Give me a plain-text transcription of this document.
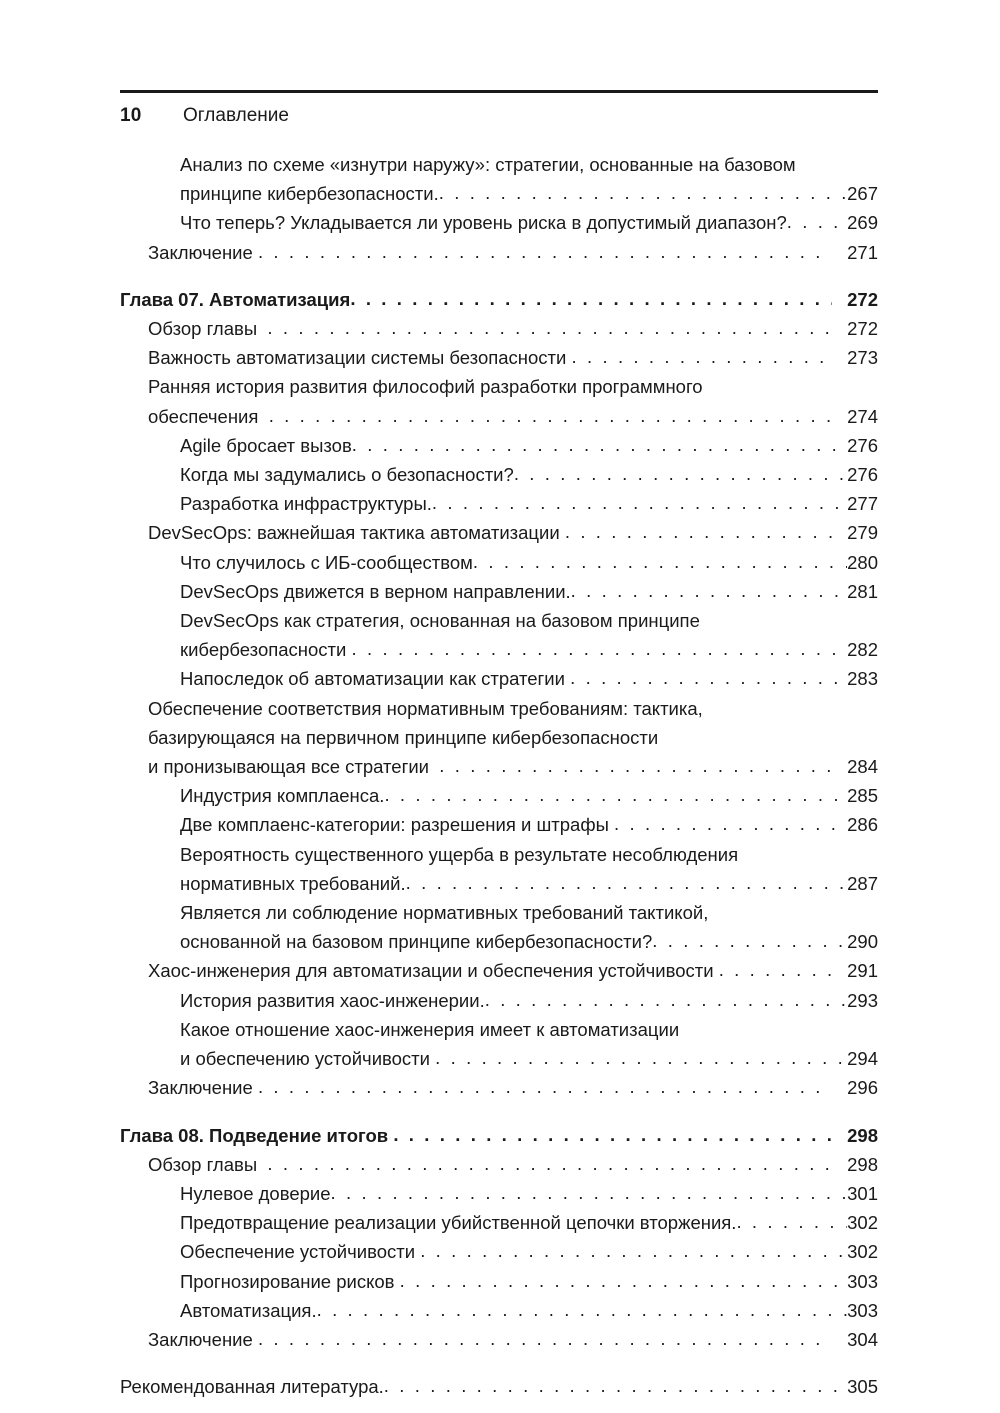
10	Оглавление
Анализ по схеме «изнутри наружу»: стратегии, основанные на базовом
принципе кибербезопасности. . . .	267
Что теперь? Укладывается ли уровень риска в допустимый диапазон? . . .	269
Заключение . . .	271
Глава 07. Автоматизация . . .	272
Обзор главы . . .	272
Важность автоматизации системы безопасности . . .	273
Ранняя история развития философий разработки программного
обеспечения . . .	274
Agile бросает вызов . . .	276
Когда мы задумались о безопасности? . . .	276
Разработка инфраструктуры. . . .	277
DevSecOps: важнейшая тактика автоматизации . . .	279
Что случилось с ИБ-сообществом . . .	280
DevSecOps движется в верном направлении. . . .	281
DevSecOps как стратегия, основанная на базовом принципе
кибербезопасности . . .	282
Напоследок об автоматизации как стратегии . . .	283
Обеспечение соответствия нормативным требованиям: тактика,
базирующаяся на первичном принципе кибербезопасности
и пронизывающая все стратегии . . .	284
Индустрия комплаенса. . . .	285
Две комплаенс-категории: разрешения и штрафы . . .	286
Вероятность существенного ущерба в результате несоблюдения
нормативных требований. . . .	287
Является ли соблюдение нормативных требований тактикой,
основанной на базовом принципе кибербезопасности? . . .	290
Хаос-инженерия для автоматизации и обеспечения устойчивости . . .	291
История развития хаос-инженерии. . . .	293
Какое отношение хаос-инженерия имеет к автоматизации
и обеспечению устойчивости . . .	294
Заключение . . .	296
Глава 08. Подведение итогов . . .	298
Обзор главы . . .	298
Нулевое доверие . . .	301
Предотвращение реализации убийственной цепочки вторжения. . . .	302
Обеспечение устойчивости . . .	302
Прогнозирование рисков . . .	303
Автоматизация. . . .	303
Заключение . . .	304
Рекомендованная литература. . . .	305
